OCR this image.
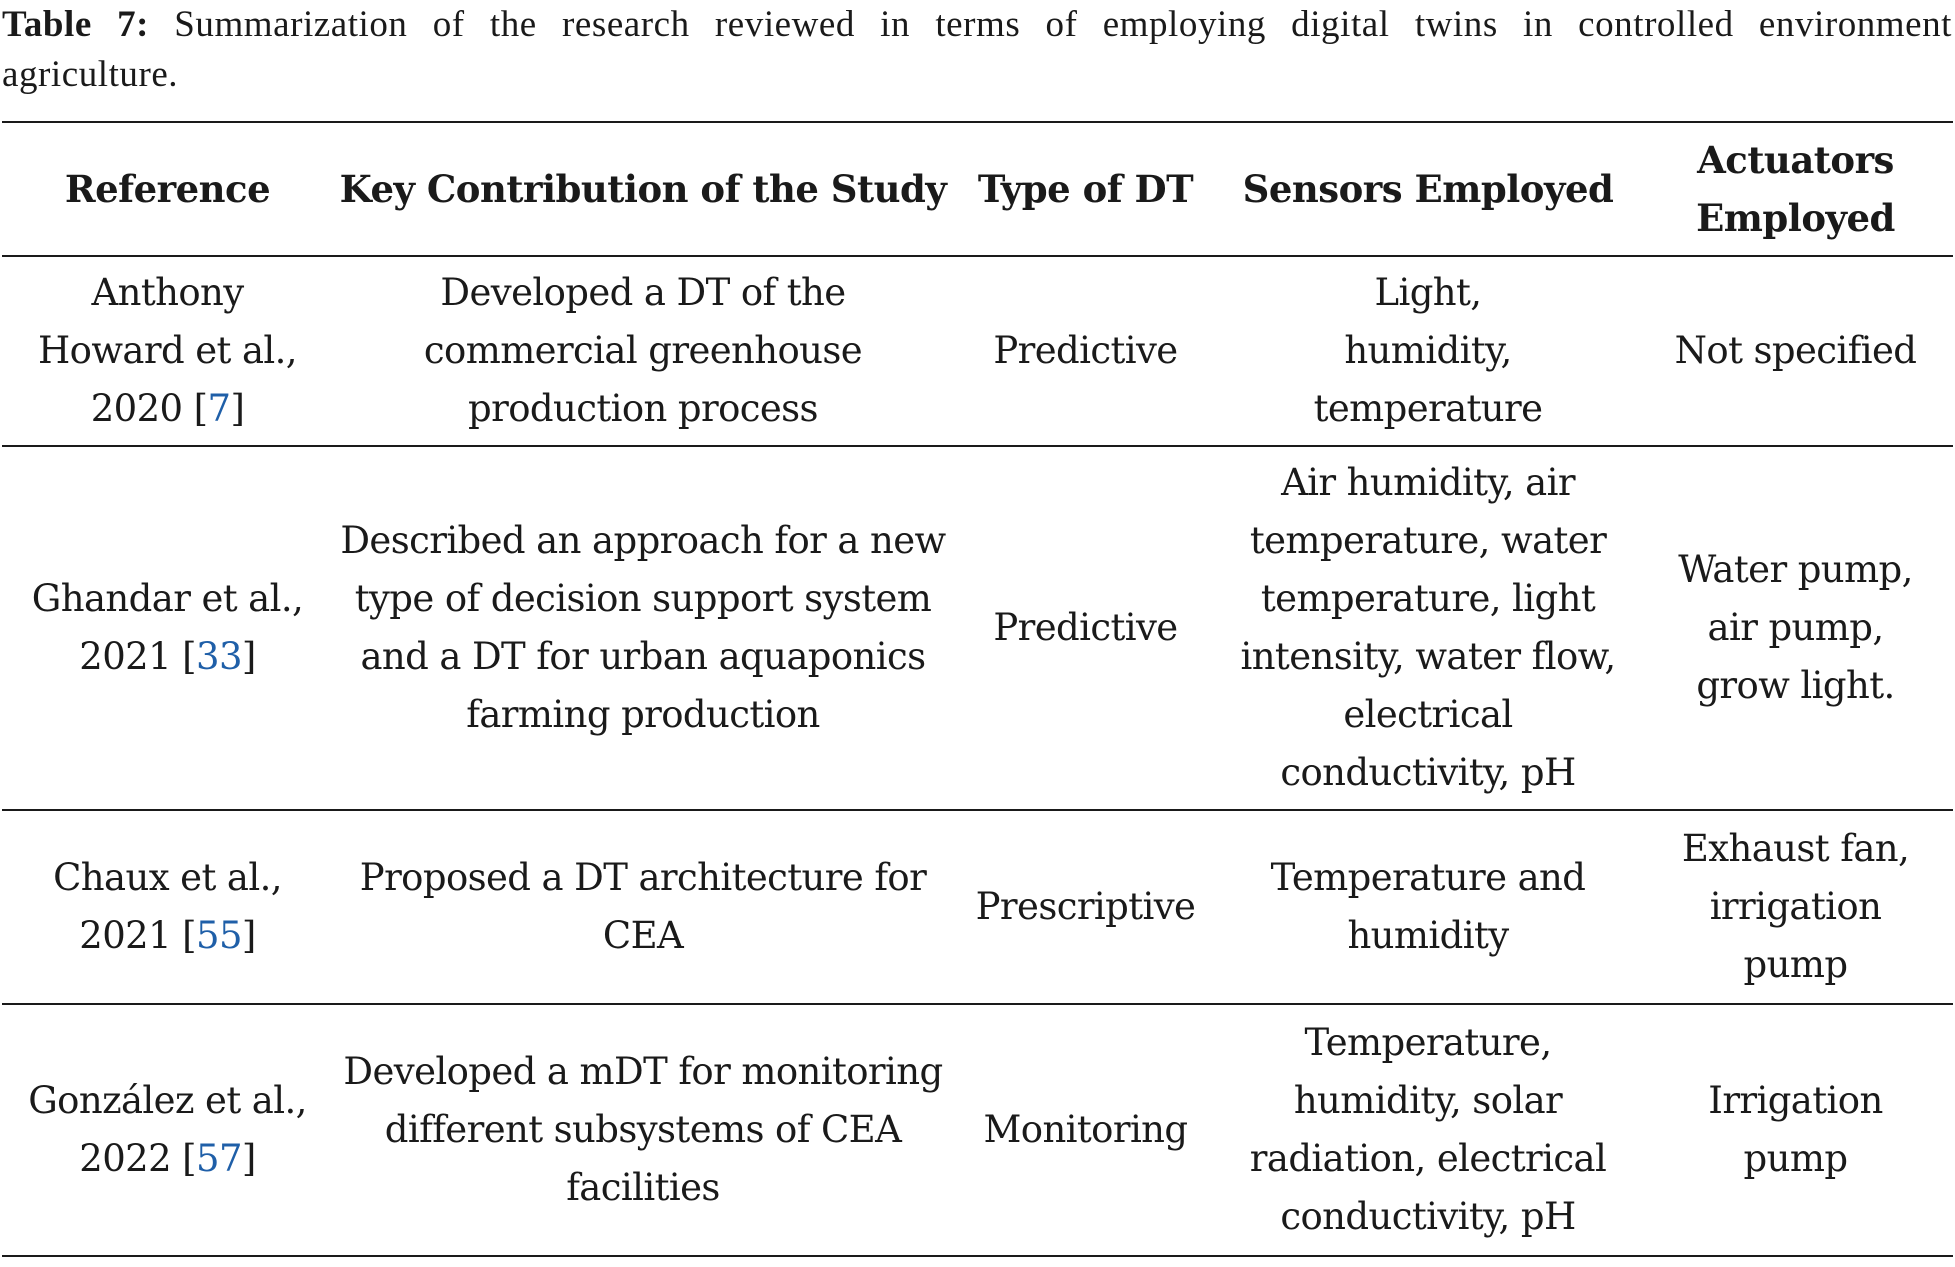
Table 7: Summarization of the research reviewed in terms of employing digital twins in controlled environment agriculture.
Reference	Key Contribution of the Study	Type of DT	Sensors Employed	Actuators Employed
Anthony Howard et al., 2020 [7]	Developed a DT of the commercial greenhouse production process	Predictive	Light, humidity, temperature	Not specified
Ghandar et al., 2021 [33]	Described an approach for a new type of decision support system and a DT for urban aquaponics farming production	Predictive	Air humidity, air temperature, water temperature, light intensity, water flow, electrical conductivity, pH	Water pump, air pump, grow light.
Chaux et al., 2021 [55]	Proposed a DT architecture for CEA	Prescriptive	Temperature and humidity	Exhaust fan, irrigation pump
González et al., 2022 [57]	Developed a mDT for monitoring different subsystems of CEA facilities	Monitoring	Temperature, humidity, solar radiation, electrical conductivity, pH	Irrigation pump
